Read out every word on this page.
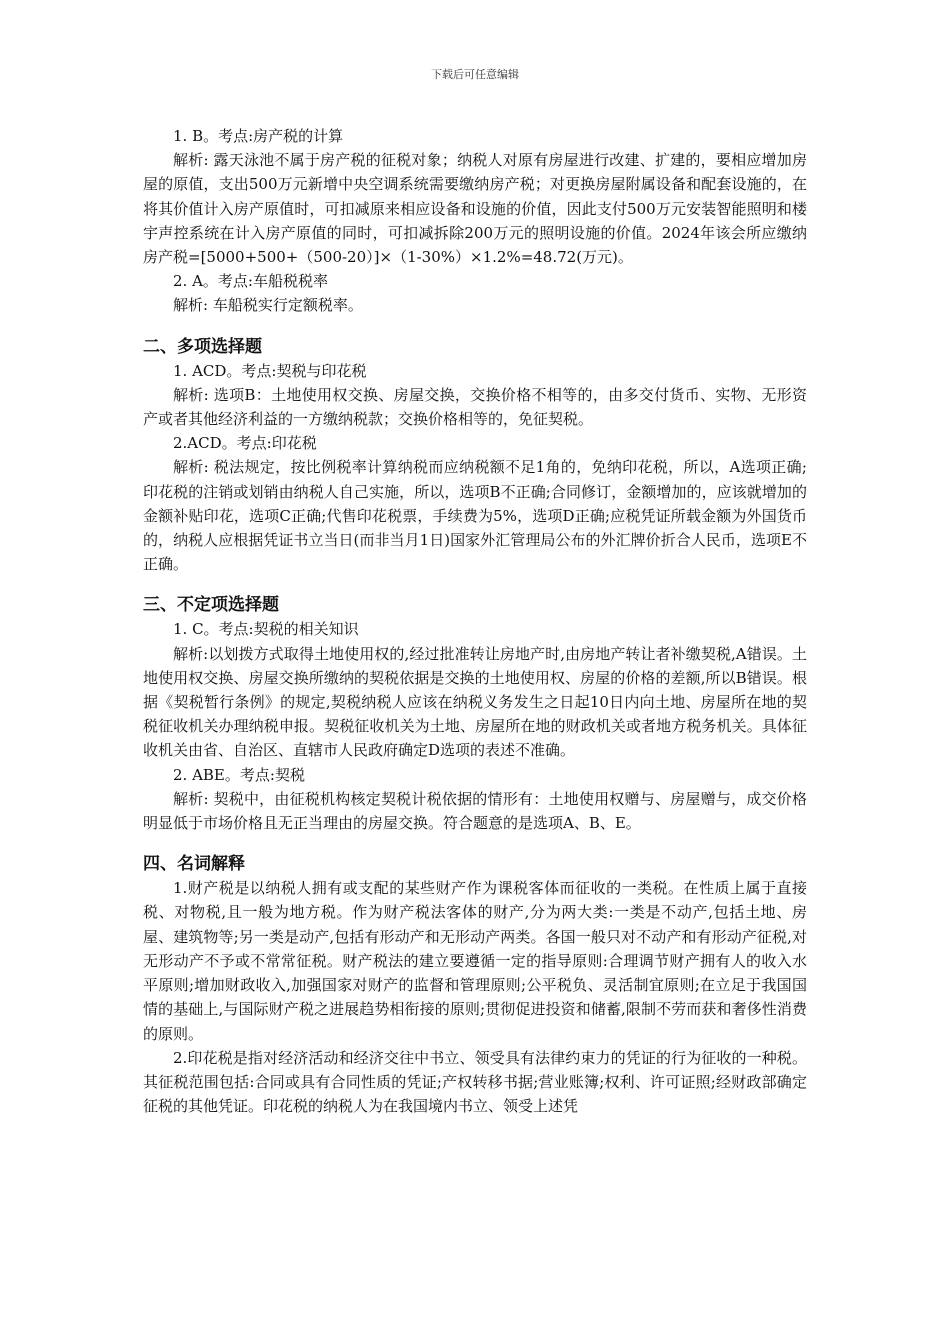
下载后可任意编辑

1. B。考点:房产税的计算

解析: 露天泳池不属于房产税的征税对象；纳税人对原有房屋进行改建、扩建的，要相应增加房屋的原值，支出500万元新增中央空调系统需要缴纳房产税；对更换房屋附属设备和配套设施的，在将其价值计入房产原值时，可扣减原来相应设备和设施的价值，因此支付500万元安装智能照明和楼宇声控系统在计入房产原值的同时，可扣减拆除200万元的照明设施的价值。2024年该会所应缴纳房产税=[5000+500+（500-20）]×（1-30%）×1.2%=48.72(万元)。

2. A。考点:车船税税率

解析: 车船税实行定额税率。

二、多项选择题

1. ACD。考点:契税与印花税

解析: 选项B：土地使用权交换、房屋交换，交换价格不相等的，由多交付货币、实物、无形资产或者其他经济利益的一方缴纳税款；交换价格相等的，免征契税。

2.ACD。考点:印花税

解析: 税法规定，按比例税率计算纳税而应纳税额不足1角的，免纳印花税，所以，A选项正确;印花税的注销或划销由纳税人自己实施，所以，选项B不正确;合同修订，金额增加的，应该就增加的金额补贴印花，选项C正确;代售印花税票，手续费为5%，选项D正确;应税凭证所载金额为外国货币的，纳税人应根据凭证书立当日(而非当月1日)国家外汇管理局公布的外汇牌价折合人民币，选项E不正确。

三、不定项选择题

1. C。考点:契税的相关知识

解析:以划拨方式取得土地使用权的,经过批准转让房地产时,由房地产转让者补缴契税,A错误。土地使用权交换、房屋交换所缴纳的契税依据是交换的土地使用权、房屋的价格的差额,所以B错误。根据《契税暂行条例》的规定,契税纳税人应该在纳税义务发生之日起10日内向土地、房屋所在地的契税征收机关办理纳税申报。契税征收机关为土地、房屋所在地的财政机关或者地方税务机关。具体征收机关由省、自治区、直辖市人民政府确定D选项的表述不准确。

2. ABE。考点:契税

解析: 契税中，由征税机构核定契税计税依据的情形有：土地使用权赠与、房屋赠与，成交价格明显低于市场价格且无正当理由的房屋交换。符合题意的是选项A、B、E。

四、名词解释

1.财产税是以纳税人拥有或支配的某些财产作为课税客体而征收的一类税。在性质上属于直接税、对物税,且一般为地方税。作为财产税法客体的财产,分为两大类:一类是不动产,包括土地、房屋、建筑物等;另一类是动产,包括有形动产和无形动产两类。各国一般只对不动产和有形动产征税,对无形动产不予或不常常征税。财产税法的建立要遵循一定的指导原则:合理调节财产拥有人的收入水平原则;增加财政收入,加强国家对财产的监督和管理原则;公平税负、灵活制宜原则;在立足于我国国情的基础上,与国际财产税之进展趋势相衔接的原则;贯彻促进投资和储蓄,限制不劳而获和奢侈性消费的原则。

2.印花税是指对经济活动和经济交往中书立、领受具有法律约束力的凭证的行为征收的一种税。其征税范围包括:合同或具有合同性质的凭证;产权转移书据;营业账簿;权利、许可证照;经财政部确定征税的其他凭证。印花税的纳税人为在我国境内书立、领受上述凭
